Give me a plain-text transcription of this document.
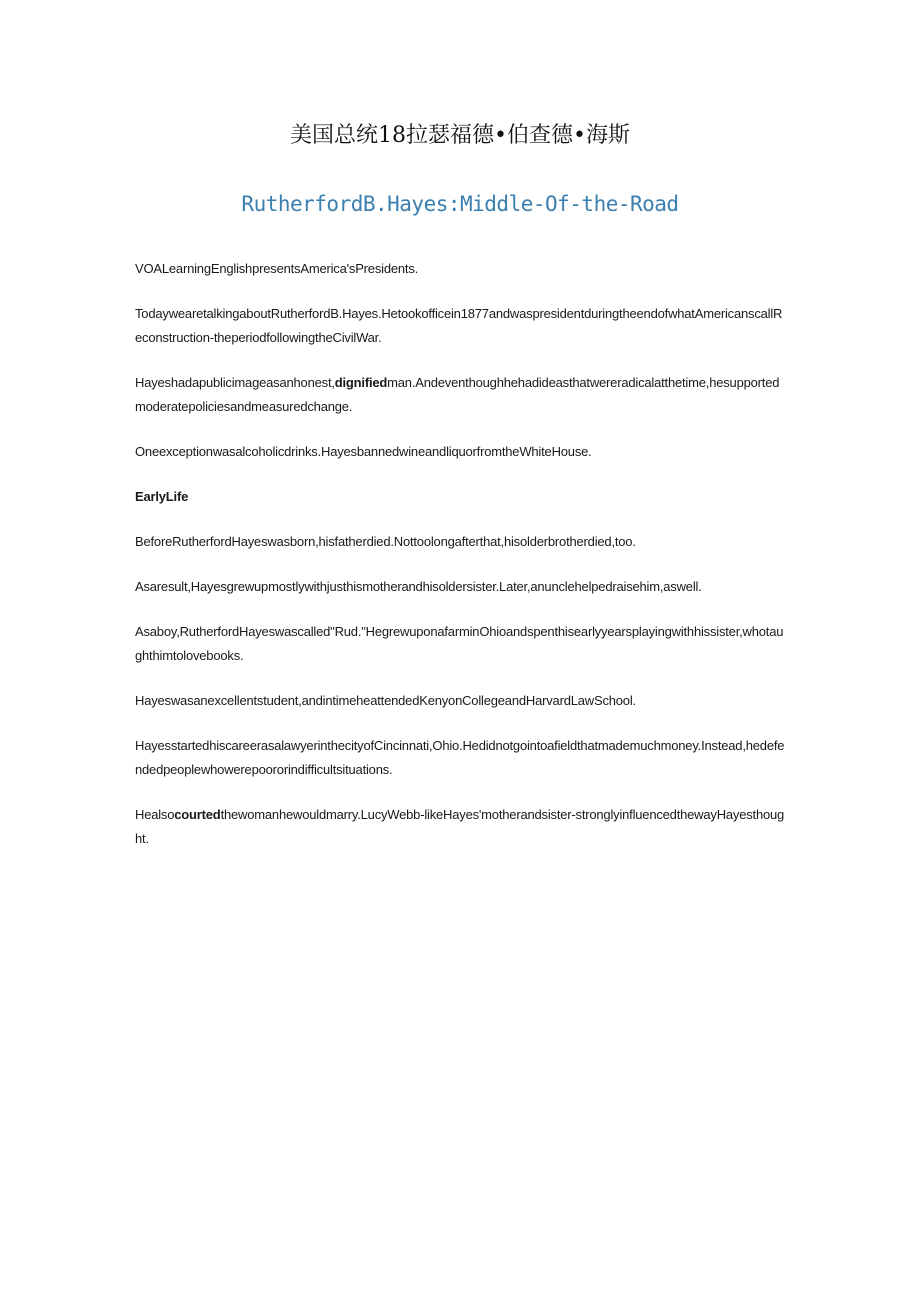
美国总统18拉瑟福德•伯查德•海斯
RutherfordB.Hayes:Middle-Of-the-Road

VOALearningEnglishpresentsAmerica'sPresidents.

TodaywearetalkingaboutRutherfordB.Hayes.Hetookofficein1877andwaspresidentduringtheendofwhatAmericanscallReconstruction-theperiodfollowingtheCivilWar.

Hayeshadapublicimageasanhonest,dignifiedman.Andeventhoughhehadideasthatwereradicalatthetime,hesupportedmoderatepoliciesandmeasuredchange.

Oneexceptionwasalcoholicdrinks.HayesbannedwineandliquorfromtheWhiteHouse.

EarlyLife

BeforeRutherfordHayeswasborn,hisfatherdied.Nottoolongafterthat,hisolderbrotherdied,too.

Asaresult,Hayesgrewupmostlywithjusthismotherandhisoldersister.Later,anunclehelpedraisehim,aswell.

Asaboy,RutherfordHayeswascalled"Rud."HegrewuponafarminOhioandspenthisearlyyearsplayingwithhissister,whotaughthimtolovebooks.

Hayeswasanexcellentstudent,andintimeheattendedKenyonCollegeandHarvardLawSchool.

HayesstartedhiscareerasalawyerinthecityofCincinnati,Ohio.Hedidnotgointoafieldthatmademuchmoney.Instead,hedefendedpeoplewhowerepoororindifficultsituations.

Healsocourtedthewomanhewouldmarry.LucyWebb-likeHayes'motherandsister-stronglyinfluencedthewayHayesthought.
